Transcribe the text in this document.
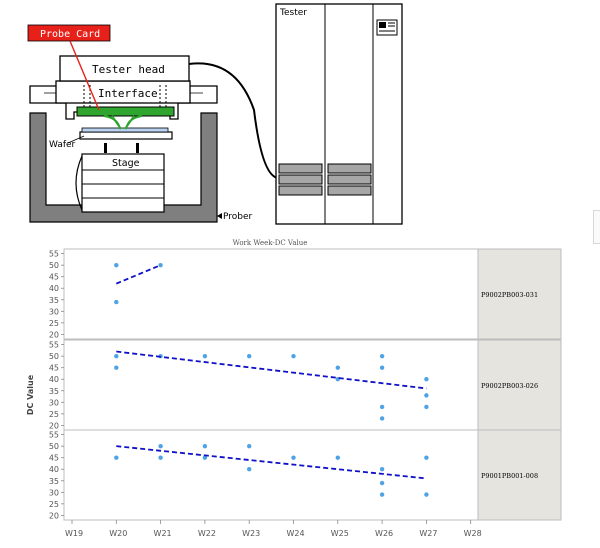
Stage
Wafer
Interface
Tester head
Probe Card
Tester
Prober
Work Week-DC Value
DC Value
P9002PB003-031
20
25
30
35
40
45
50
55
P9002PB003-026
20
25
30
35
40
45
50
55
P9001PB001-008
20
25
30
35
40
45
50
55
W19	W20	W21	W22	W23	W24	W25	W26	W27	W28
